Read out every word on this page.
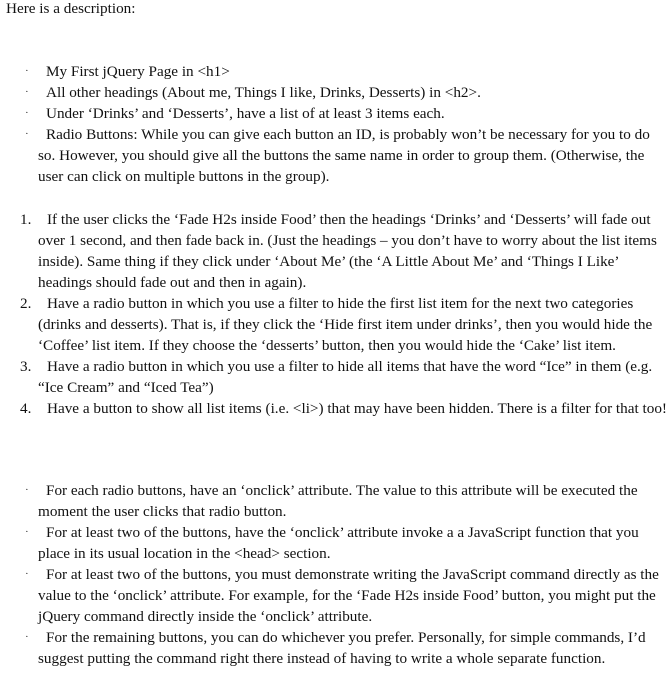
Here is a description:

·	My First jQuery Page in <h1>
·	All other headings (About me, Things I like, Drinks, Desserts) in <h2>.
·	Under ‘Drinks’ and ‘Desserts’, have a list of at least 3 items each.
·	Radio Buttons: While you can give each button an ID, is probably won’t be necessary for you to do so. However, you should give all the buttons the same name in order to group them. (Otherwise, the user can click on multiple buttons in the group).
1.	If the user clicks the ‘Fade H2s inside Food’ then the headings ‘Drinks’ and ‘Desserts’ will fade out over 1 second, and then fade back in. (Just the headings – you don’t have to worry about the list items inside). Same thing if they click under ‘About Me’ (the ‘A Little About Me’ and ‘Things I Like’ headings should fade out and then in again).
2.	Have a radio button in which you use a filter to hide the first list item for the next two categories (drinks and desserts). That is, if they click the ‘Hide first item under drinks’, then you would hide the ‘Coffee’ list item. If they choose the ‘desserts’ button, then you would hide the ‘Cake’ list item.
3.	Have a radio button in which you use a filter to hide all items that have the word “Ice” in them (e.g. “Ice Cream” and “Iced Tea”)
4.	Have a button to show all list items (i.e. <li>) that may have been hidden. There is a filter for that too!
·	For each radio buttons, have an ‘onclick’ attribute. The value to this attribute will be executed the moment the user clicks that radio button.
·	For at least two of the buttons, have the ‘onclick’ attribute invoke a a JavaScript function that you place in its usual location in the <head> section.
·	For at least two of the buttons, you must demonstrate writing the JavaScript command directly as the value to the ‘onclick’ attribute. For example, for the ‘Fade H2s inside Food’ button, you might put the jQuery command directly inside the ‘onclick’ attribute.
·	For the remaining buttons, you can do whichever you prefer. Personally, for simple commands, I’d suggest putting the command right there instead of having to write a whole separate function.
